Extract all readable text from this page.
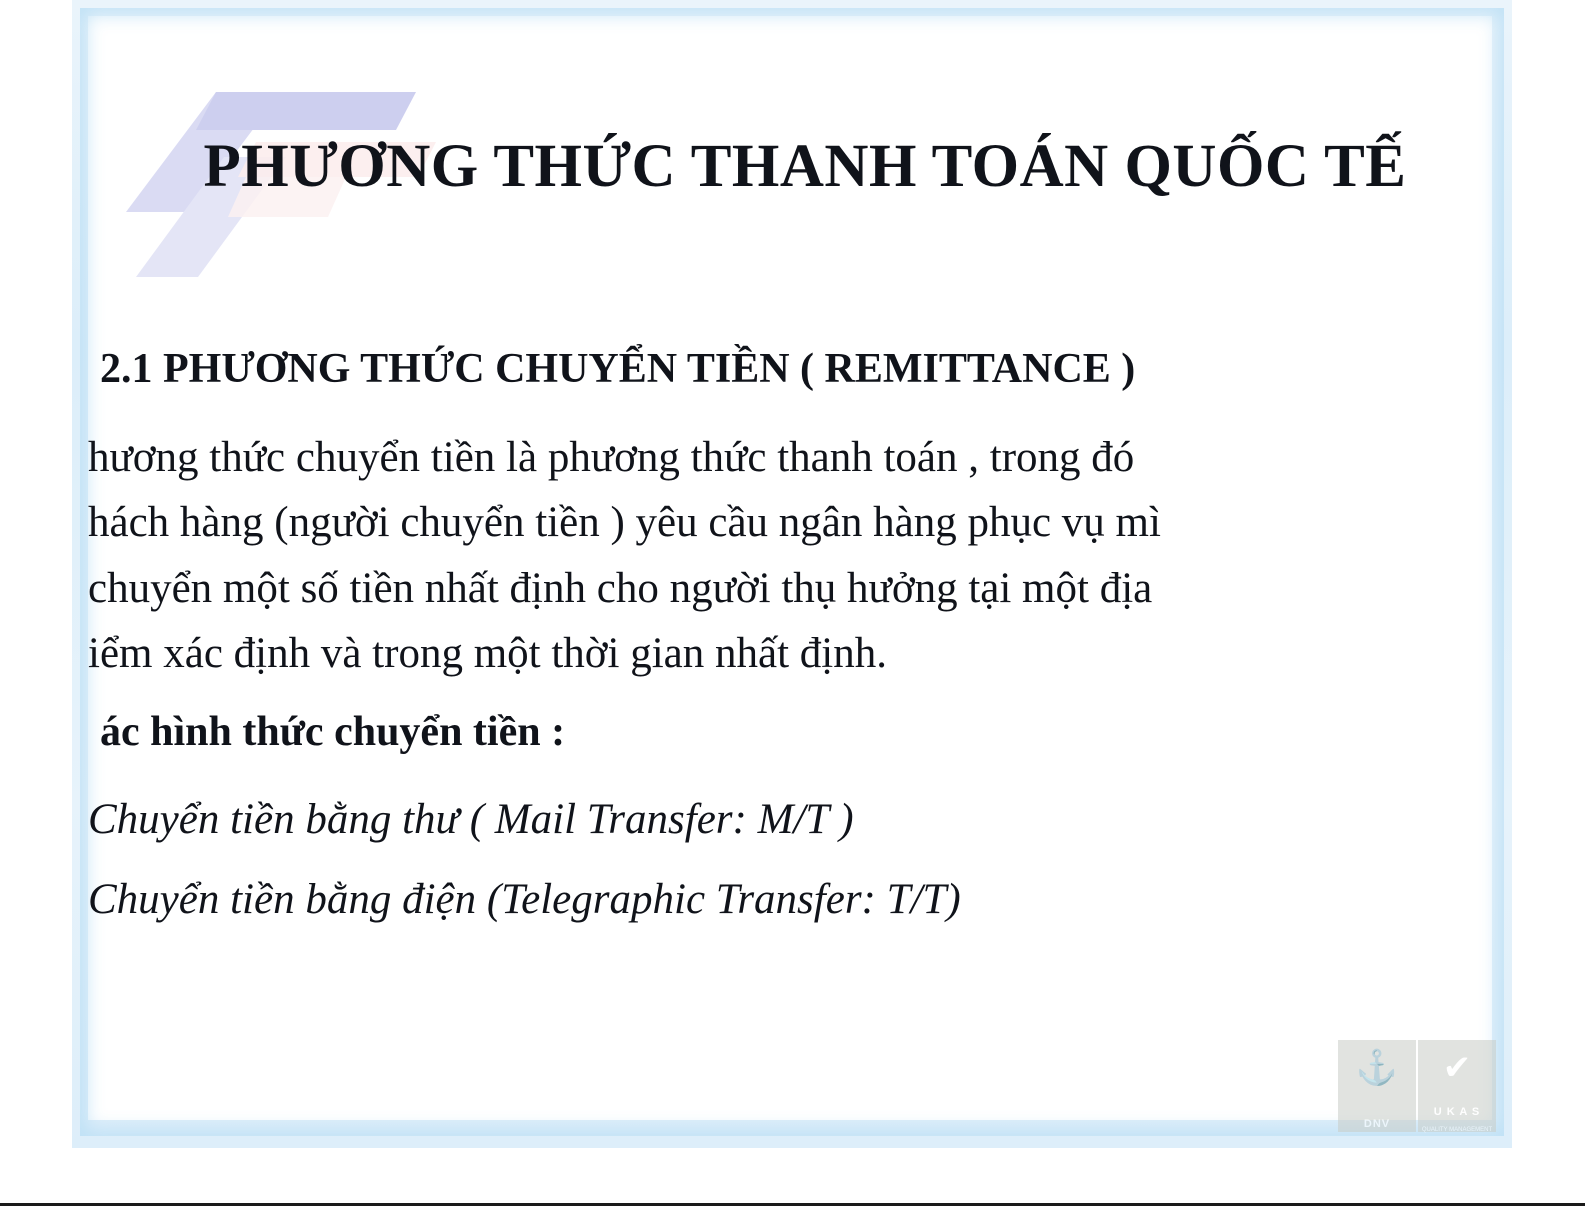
PHƯƠNG THỨC THANH TOÁN QUỐC TẾ
2.1 PHƯƠNG THỨC CHUYỂN TIỀN ( REMITTANCE )

hương thức chuyển tiền là phương thức thanh toán , trong đó

hách hàng (người chuyển tiền ) yêu cầu ngân hàng phục vụ mì

chuyển một số tiền nhất định cho người thụ hưởng tại một địa

iểm xác định và trong một thời gian nhất định.

ác hình thức chuyển tiền :

Chuyển tiền bằng thư ( Mail Transfer: M/T )

Chuyển tiền bằng điện (Telegraphic Transfer: T/T)

⚓
DNV
✔
U K A S
QUALITY MANAGEMENT
